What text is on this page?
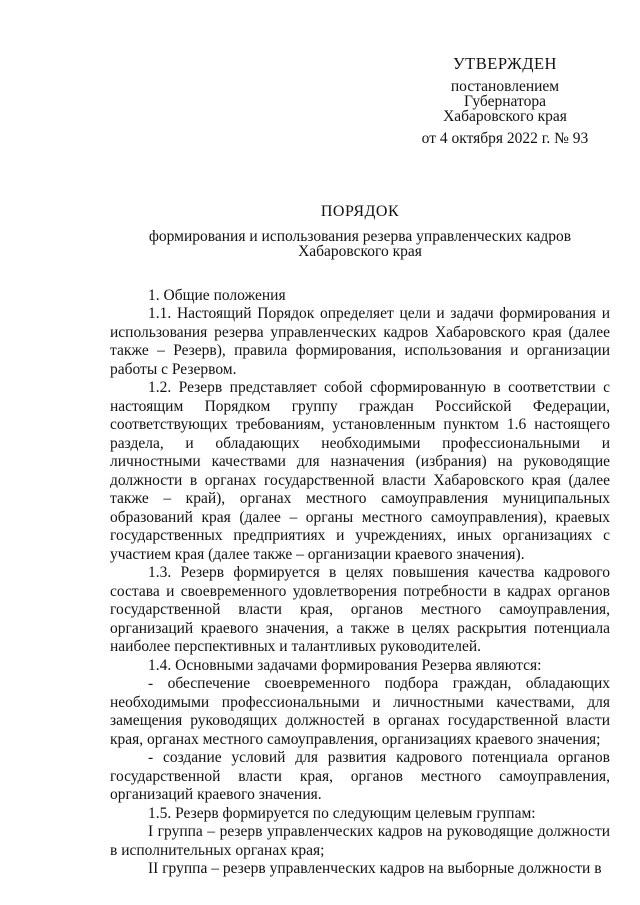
УТВЕРЖДЕН
постановлением
Губернатора
Хабаровского края
от 4 октября 2022 г. № 93
ПОРЯДОК
формирования и использования резерва управленческих кадров
Хабаровского края
1. Общие положения

1.1. Настоящий Порядок определяет цели и задачи формирования и использования резерва управленческих кадров Хабаровского края (далее также – Резерв), правила формирования, использования и организации работы с Резервом.

1.2. Резерв представляет собой сформированную в соответствии с настоящим Порядком группу граждан Российской Федерации, соответствующих требованиям, установленным пунктом 1.6 настоящего раздела, и обладающих необходимыми профессиональными и личностными качествами для назначения (избрания) на руководящие должности в органах государственной власти Хабаровского края (далее также – край), органах местного самоуправления муниципальных образований края (далее – органы местного самоуправления), краевых государственных предприятиях и учреждениях, иных организациях с участием края (далее также – организации краевого значения).

1.3. Резерв формируется в целях повышения качества кадрового состава и своевременного удовлетворения потребности в кадрах органов государственной власти края, органов местного самоуправления, организаций краевого значения, а также в целях раскрытия потенциала наиболее перспективных и талантливых руководителей.

1.4. Основными задачами формирования Резерва являются:

- обеспечение своевременного подбора граждан, обладающих необходимыми профессиональными и личностными качествами, для замещения руководящих должностей в органах государственной власти края, органах местного самоуправления, организациях краевого значения;

- создание условий для развития кадрового потенциала органов государственной власти края, органов местного самоуправления, организаций краевого значения.

1.5. Резерв формируется по следующим целевым группам:

I группа – резерв управленческих кадров на руководящие должности в исполнительных органах края;

II группа – резерв управленческих кадров на выборные должности в
